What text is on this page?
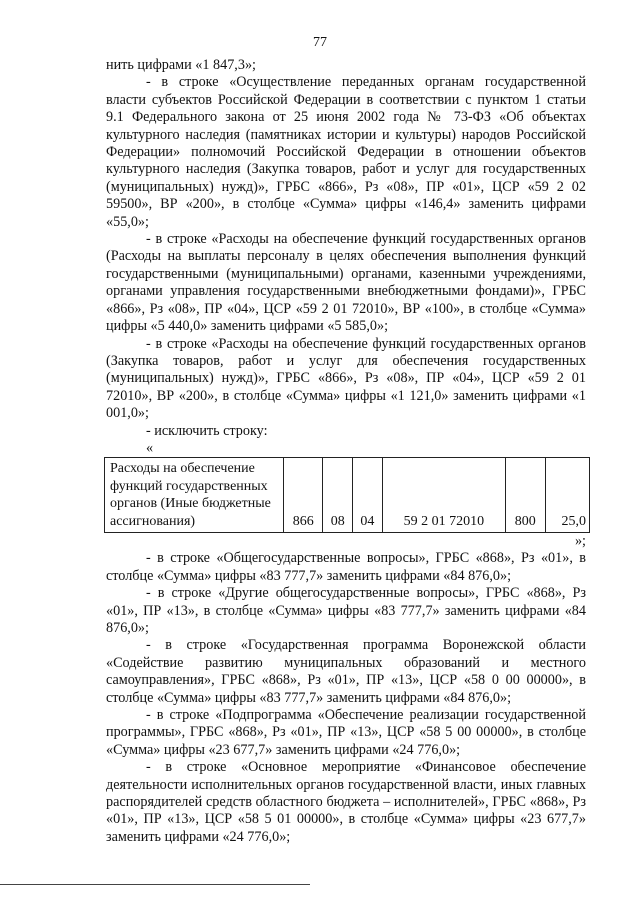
77

нить цифрами «1 847,3»;

- в строке «Осуществление переданных органам государственной власти субъектов Российской Федерации в соответствии с пунктом 1 статьи 9.1 Федерального закона от 25 июня 2002 года № 73-ФЗ «Об объектах культурного наследия (памятниках истории и культуры) народов Российской Федерации» полномочий Российской Федерации в отношении объектов культурного наследия (Закупка товаров, работ и услуг для государственных (муниципальных) нужд)», ГРБС «866», Рз «08», ПР «01», ЦСР «59 2 02 59500», ВР «200», в столбце «Сумма» цифры «146,4» заменить цифрами «55,0»;

- в строке «Расходы на обеспечение функций государственных органов (Расходы на выплаты персоналу в целях обеспечения выполнения функций государственными (муниципальными) органами, казенными учреждениями, органами управления государственными внебюджетными фондами)», ГРБС «866», Рз «08», ПР «04», ЦСР «59 2 01 72010», ВР «100», в столбце «Сумма» цифры «5 440,0» заменить цифрами «5 585,0»;

- в строке «Расходы на обеспечение функций государственных органов (Закупка товаров, работ и услуг для обеспечения государственных (муниципальных) нужд)», ГРБС «866», Рз «08», ПР «04», ЦСР «59 2 01 72010», ВР «200», в столбце «Сумма» цифры «1 121,0» заменить цифрами «1 001,0»;

- исключить строку:

«

Расходы на обеспечение функций государственных органов (Иные бюджетные ассигнования)	866	08	04	59 2 01 72010	800	25,0

»;

- в строке «Общегосударственные вопросы», ГРБС «868», Рз «01», в столбце «Сумма» цифры «83 777,7» заменить цифрами «84 876,0»;

- в строке «Другие общегосударственные вопросы», ГРБС «868», Рз «01», ПР «13», в столбце «Сумма» цифры «83 777,7» заменить цифрами «84 876,0»;

- в строке «Государственная программа Воронежской области «Содействие развитию муниципальных образований и местного самоуправления», ГРБС «868», Рз «01», ПР «13», ЦСР «58 0 00 00000», в столбце «Сумма» цифры «83 777,7» заменить цифрами «84 876,0»;

- в строке «Подпрограмма «Обеспечение реализации государственной программы», ГРБС «868», Рз «01», ПР «13», ЦСР «58 5 00 00000», в столбце «Сумма» цифры «23 677,7» заменить цифрами «24 776,0»;

- в строке «Основное мероприятие «Финансовое обеспечение деятельности исполнительных органов государственной власти, иных главных распорядителей средств областного бюджета – исполнителей», ГРБС «868», Рз «01», ПР «13», ЦСР «58 5 01 00000», в столбце «Сумма» цифры «23 677,7» заменить цифрами «24 776,0»;
